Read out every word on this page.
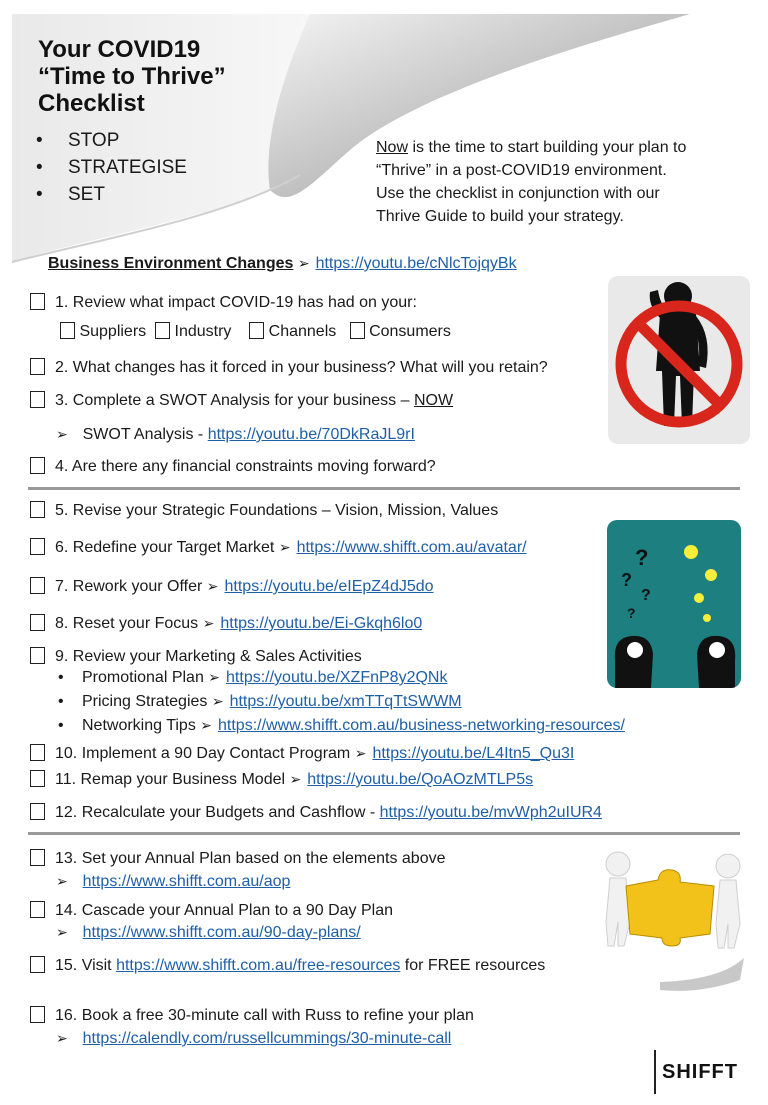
Your COVID19
“Time to Thrive”
Checklist
• STOP
• STRATEGISE
• SET
Now is the time to start building your plan to
“Thrive” in a post-COVID19 environment.
Use the checklist in conjunction with our
Thrive Guide to build your strategy.
Business Environment Changes ➢ https://youtu.be/cNlcTojqyBk
1. Review what impact COVID-19 has had on your:
Suppliers Industry Channels Consumers
2. What changes has it forced in your business? What will you retain?
3. Complete a SWOT Analysis for your business – NOW
➢ SWOT Analysis - https://youtu.be/70DkRaJL9rI
4. Are there any financial constraints moving forward?
5. Revise your Strategic Foundations – Vision, Mission, Values
6. Redefine your Target Market ➢ https://www.shifft.com.au/avatar/
7. Rework your Offer ➢ https://youtu.be/eIEpZ4dJ5do
8. Reset your Focus ➢ https://youtu.be/Ei-Gkqh6lo0
9. Review your Marketing & Sales Activities
• Promotional Plan ➢ https://youtu.be/XZFnP8y2QNk
• Pricing Strategies ➢ https://youtu.be/xmTTqTtSWWM
• Networking Tips ➢ https://www.shifft.com.au/business-networking-resources/
10. Implement a 90 Day Contact Program ➢ https://youtu.be/L4Itn5_Qu3I
11. Remap your Business Model ➢ https://youtu.be/QoAOzMTLP5s
12. Recalculate your Budgets and Cashflow - https://youtu.be/mvWph2uIUR4
?
?
?
?
13. Set your Annual Plan based on the elements above
➢ https://www.shifft.com.au/aop
14. Cascade your Annual Plan to a 90 Day Plan
➢ https://www.shifft.com.au/90-day-plans/
15. Visit https://www.shifft.com.au/free-resources for FREE resources
16. Book a free 30-minute call with Russ to refine your plan
➢ https://calendly.com/russellcummings/30-minute-call
SHIFFT
